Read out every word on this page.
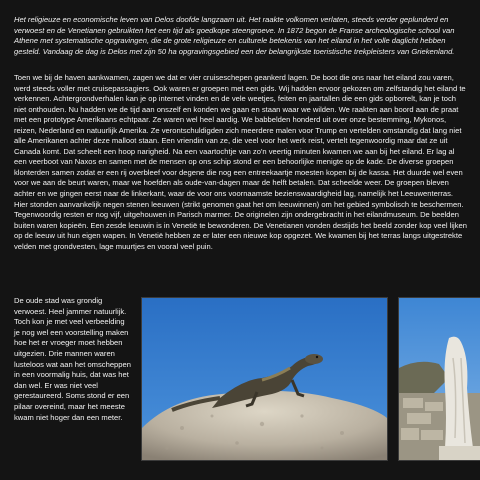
Het religieuze en economische leven van Delos doofde langzaam uit. Het raakte volkomen verlaten, steeds verder geplunderd en verwoest en de Venetianen gebruikten het een tijd als goedkope steengroeve. In 1872 begon de Franse archeologische school van Athene met systematische opgravingen, die de grote religieuze en culturele betekenis van het eiland in het volle daglicht hebben gesteld. Vandaag de dag is Delos met zijn 50 ha opgravingsgebied een der belangrijkste toeristische trekpleisters van Griekenland.
Toen we bij de haven aankwamen, zagen we dat er vier cruiseschepen geankerd lagen. De boot die ons naar het eiland zou varen, werd steeds voller met cruisepassagiers. Ook waren er groepen met een gids. Wij hadden ervoor gekozen om zelfstandig het eiland te verkennen. Achtergrondverhalen kan je op internet vinden en de vele weetjes, feiten en jaartallen die een gids opborrelt, kan je toch niet onthouden. Nu hadden we de tijd aan onszelf en konden we gaan en staan waar we wilden. We raakten aan boord aan de praat met een prototype Amerikaans echtpaar. Ze waren wel heel aardig. We babbelden honderd uit over onze bestemming, Mykonos, reizen, Nederland en natuurlijk Amerika. Ze verontschuldigden zich meerdere malen voor Trump en vertelden omstandig dat lang niet alle Amerikanen achter deze malloot staan. Een vriendin van ze, die veel voor het werk reist, vertelt tegenwoordig maar dat ze uit Canada komt. Dat scheelt een hoop narigheid. Na een vaartochtje van zo'n veertig minuten kwamen we aan bij het eiland. Er lag al een veerboot van Naxos en samen met de mensen op ons schip stond er een behoorlijke menigte op de kade. De diverse groepen klonterden samen zodat er een rij overbleef voor degene die nog een entreekaartje moesten kopen bij de kassa. Het duurde wel even voor we aan de beurt waren, maar we hoefden als oude-van-dagen maar de helft betalen. Dat scheelde weer. De groepen bleven achter en we gingen eerst naar de linkerkant, waar de voor ons voornaamste bezienswaardigheid lag, namelijk het Leeuwenterras. Hier stonden aanvankelijk negen stenen leeuwen (strikt genomen gaat het om leeuwinnen) om het gebied symbolisch te beschermen. Tegenwoordig resten er nog vijf, uitgehouwen in Parisch marmer. De originelen zijn ondergebracht in het eilandmuseum. De beelden buiten waren kopieën. Een zesde leeuwin is in Venetië te bewonderen. De Venetianen vonden destijds het beeld zonder kop veel lijken op de leeuw uit hun eigen wapen. In Venetië hebben ze er later een nieuwe kop opgezet. We kwamen bij het terras langs uitgestrekte velden met grondvesten, lage muurtjes en vooral veel puin.
De oude stad was grondig verwoest. Heel jammer natuurlijk. Toch kon je met veel verbeelding je nog wel een voorstelling maken hoe het er vroeger moet hebben uitgezien. Drie mannen waren lusteloos wat aan het omscheppen in een voormalig huis, dat was het dan wel. Er was niet veel gerestaureerd. Soms stond er een pilaar overeind, maar het meeste kwam niet hoger dan een meter.
